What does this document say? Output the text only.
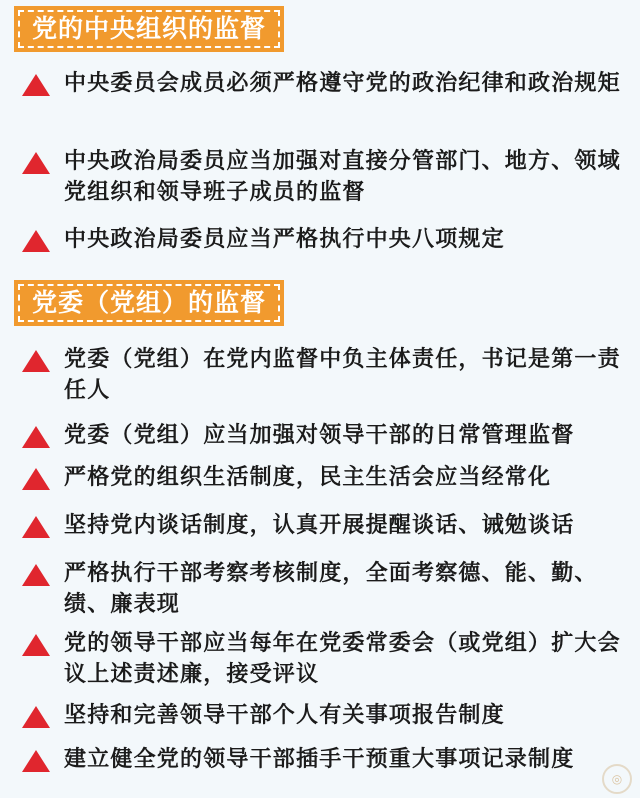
党的中央组织的监督
中央委员会成员必须严格遵守党的政治纪律和政治规矩
中央政治局委员应当加强对直接分管部门、地方、领域党组织和领导班子成员的监督
中央政治局委员应当严格执行中央八项规定
党委（党组）的监督
党委（党组）在党内监督中负主体责任，书记是第一责任人
党委（党组）应当加强对领导干部的日常管理监督
严格党的组织生活制度，民主生活会应当经常化
坚持党内谈话制度，认真开展提醒谈话、诫勉谈话
严格执行干部考察考核制度，全面考察德、能、勤、绩、廉表现
党的领导干部应当每年在党委常委会（或党组）扩大会议上述责述廉，接受评议
坚持和完善领导干部个人有关事项报告制度
建立健全党的领导干部插手干预重大事项记录制度
◎
